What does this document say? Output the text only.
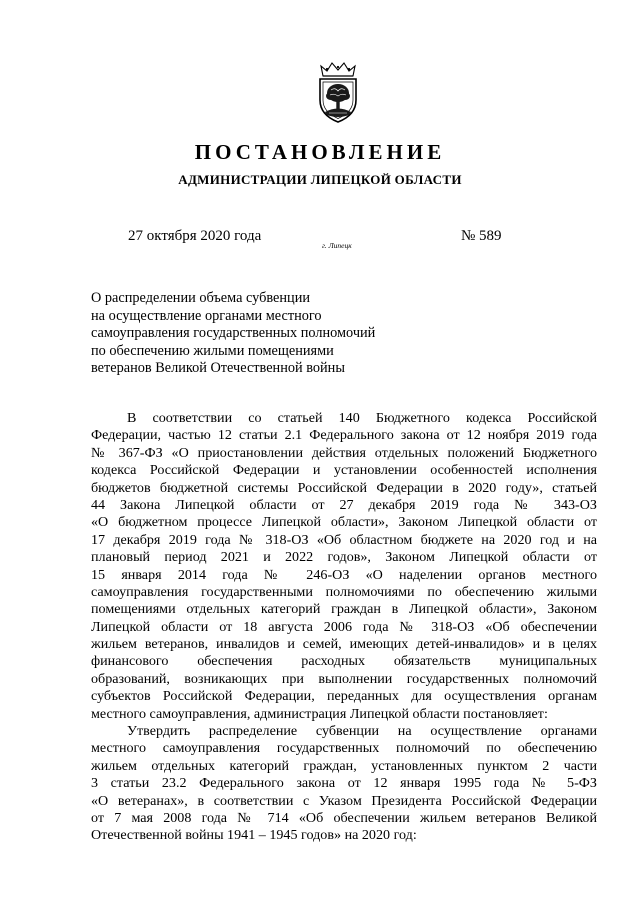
ПОСТАНОВЛЕНИЕ
АДМИНИСТРАЦИИ ЛИПЕЦКОЙ ОБЛАСТИ
27 октября 2020 года
г. Липецк
№ 589
О распределении объема субвенции
на осуществление органами местного
самоуправления государственных полномочий
по обеспечению жилыми помещениями
ветеранов Великой Отечественной войны
В соответствии со статьей 140 Бюджетного кодекса Российской
Федерации, частью 12 статьи 2.1 Федерального закона от 12 ноября 2019 года
№ 367-ФЗ «О приостановлении действия отдельных положений Бюджетного
кодекса Российской Федерации и установлении особенностей исполнения
бюджетов бюджетной системы Российской Федерации в 2020 году», статьей
44 Закона Липецкой области от 27 декабря 2019 года № 343-ОЗ
«О бюджетном процессе Липецкой области», Законом Липецкой области от
17 декабря 2019 года № 318-ОЗ «Об областном бюджете на 2020 год и на
плановый период 2021 и 2022 годов», Законом Липецкой области от
15 января 2014 года № 246-ОЗ «О наделении органов местного
самоуправления государственными полномочиями по обеспечению жилыми
помещениями отдельных категорий граждан в Липецкой области», Законом
Липецкой области от 18 августа 2006 года № 318-ОЗ «Об обеспечении
жильем ветеранов, инвалидов и семей, имеющих детей-инвалидов» и в целях
финансового обеспечения расходных обязательств муниципальных
образований, возникающих при выполнении государственных полномочий
субъектов Российской Федерации, переданных для осуществления органам
местного самоуправления, администрация Липецкой области постановляет:
Утвердить распределение субвенции на осуществление органами
местного самоуправления государственных полномочий по обеспечению
жильем отдельных категорий граждан, установленных пунктом 2 части
3 статьи 23.2 Федерального закона от 12 января 1995 года № 5-ФЗ
«О ветеранах», в соответствии с Указом Президента Российской Федерации
от 7 мая 2008 года № 714 «Об обеспечении жильем ветеранов Великой
Отечественной войны 1941 – 1945 годов» на 2020 год:
